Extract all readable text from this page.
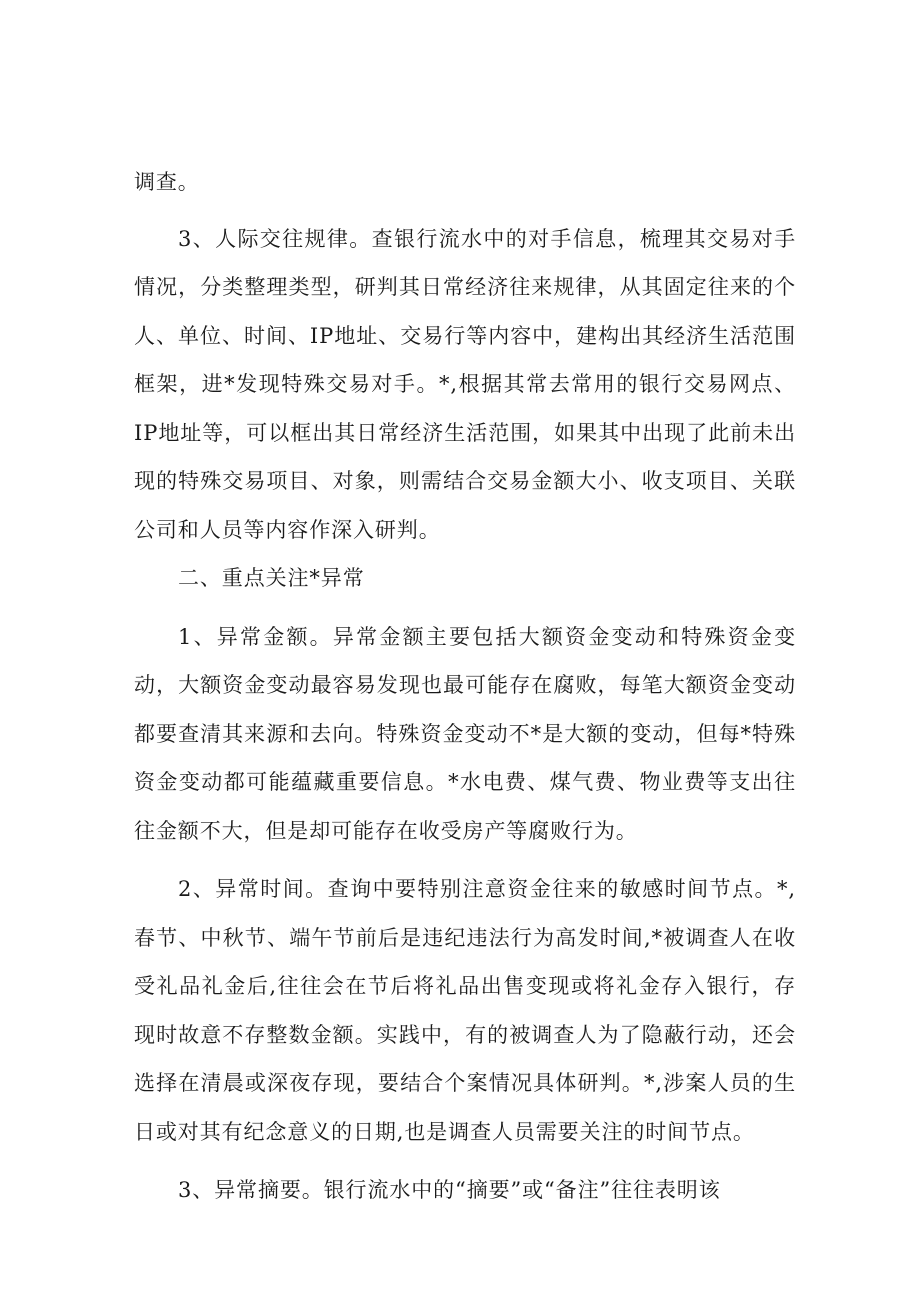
调查。

3、人际交往规律。查银行流水中的对手信息，梳理其交易对手情况，分类整理类型，研判其日常经济往来规律，从其固定往来的个人、单位、时间、IP地址、交易行等内容中，建构出其经济生活范围框架，进*发现特殊交易对手。*,根据其常去常用的银行交易网点、IP地址等，可以框出其日常经济生活范围，如果其中出现了此前未出现的特殊交易项目、对象，则需结合交易金额大小、收支项目、关联公司和人员等内容作深入研判。

二、重点关注*异常

1、异常金额。异常金额主要包括大额资金变动和特殊资金变动，大额资金变动最容易发现也最可能存在腐败，每笔大额资金变动都要查清其来源和去向。特殊资金变动不*是大额的变动，但每*特殊资金变动都可能蕴藏重要信息。*水电费、煤气费、物业费等支出往往金额不大，但是却可能存在收受房产等腐败行为。

2、异常时间。查询中要特别注意资金往来的敏感时间节点。*,春节、中秋节、端午节前后是违纪违法行为高发时间,*被调查人在收受礼品礼金后,往往会在节后将礼品出售变现或将礼金存入银行，存现时故意不存整数金额。实践中，有的被调查人为了隐蔽行动，还会选择在清晨或深夜存现，要结合个案情况具体研判。*,涉案人员的生日或对其有纪念意义的日期,也是调查人员需要关注的时间节点。

3、异常摘要。银行流水中的“摘要”或“备注”往往表明该
